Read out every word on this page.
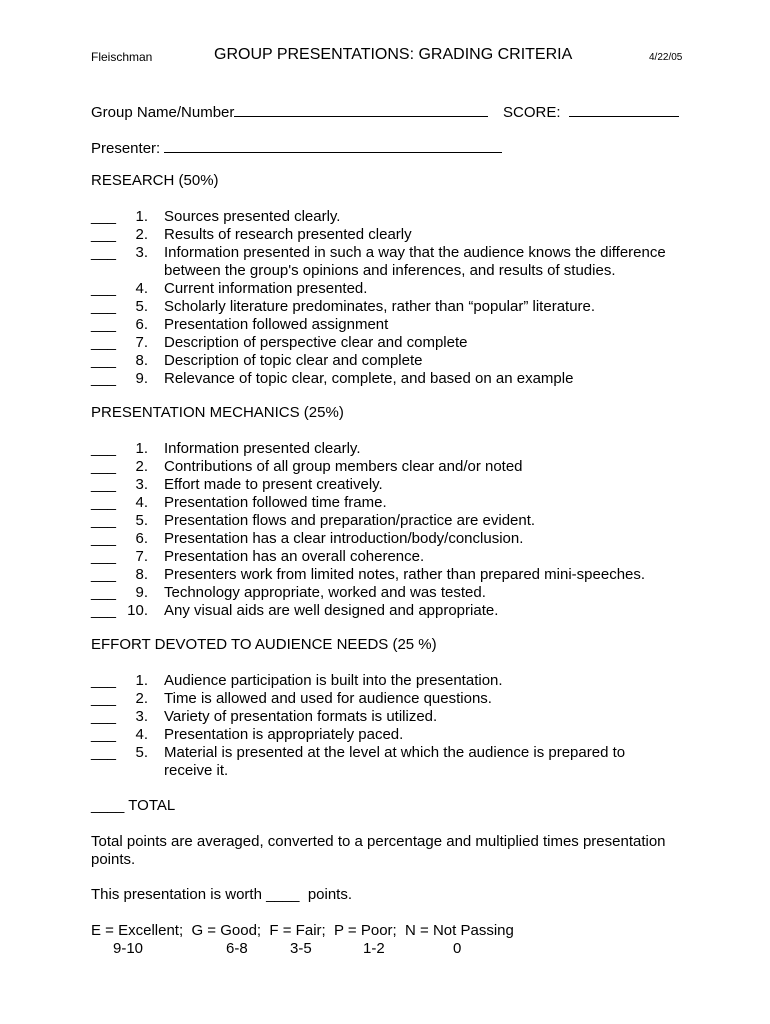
Fleischman	GROUP PRESENTATIONS: GRADING CRITERIA	4/22/05
Group Name/Number	SCORE:
Presenter:
RESEARCH (50%)
___	1. Sources presented clearly.
___	2. Results of research presented clearly
___	3. Information presented in such a way that the audience knows the difference
between the group's opinions and inferences, and results of studies.
___	4. Current information presented.
___	5. Scholarly literature predominates, rather than “popular” literature.
___	6. Presentation followed assignment
___	7. Description of perspective clear and complete
___	8. Description of topic clear and complete
___	9. Relevance of topic clear, complete, and based on an example
PRESENTATION MECHANICS (25%)
___	1. Information presented clearly.
___	2. Contributions of all group members clear and/or noted
___	3. Effort made to present creatively.
___	4. Presentation followed time frame.
___	5. Presentation flows and preparation/practice are evident.
___	6. Presentation has a clear introduction/body/conclusion.
___	7. Presentation has an overall coherence.
___	8. Presenters work from limited notes, rather than prepared mini-speeches.
___	9. Technology appropriate, worked and was tested.
___ 10. Any visual aids are well designed and appropriate.
EFFORT DEVOTED TO AUDIENCE NEEDS (25 %)
___	1. Audience participation is built into the presentation.
___	2. Time is allowed and used for audience questions.
___	3. Variety of presentation formats is utilized.
___	4. Presentation is appropriately paced.
___	5. Material is presented at the level at which the audience is prepared to
receive it.
____ TOTAL
Total points are averaged, converted to a percentage and multiplied times presentation
points.
This presentation is worth ____ points.
E = Excellent;  G = Good;  F = Fair;  P = Poor;  N = Not Passing
9-10	6-8	3-5	1-2	0
